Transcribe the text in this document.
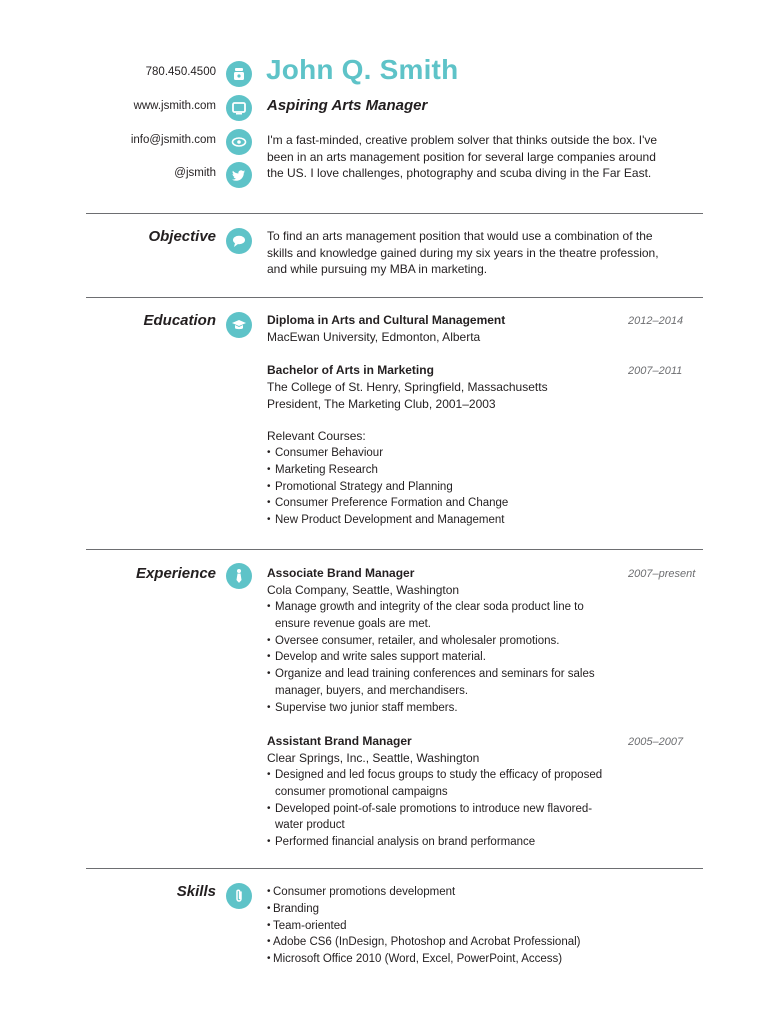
780.450.4500
www.jsmith.com
info@jsmith.com
@jsmith
John Q. Smith
Aspiring Arts Manager
I'm a fast-minded, creative problem solver that thinks outside the box. I've been in an arts management position for several large companies around the US. I love challenges, photography and scuba diving in the Far East.
Objective	To find an arts management position that would use a combination of the skills and knowledge gained during my six years in the theatre profession, and while pursuing my MBA in marketing.
Education	Diploma in Arts and Cultural Management	2012–2014
MacEwan University, Edmonton, Alberta
Bachelor of Arts in Marketing	2007–2011
The College of St. Henry, Springfield, Massachusetts
President, The Marketing Club, 2001–2003
Relevant Courses:
• Consumer Behaviour
• Marketing Research
• Promotional Strategy and Planning
• Consumer Preference Formation and Change
• New Product Development and Management
Experience	Associate Brand Manager	2007–present
Cola Company, Seattle, Washington
• Manage growth and integrity of the clear soda product line to ensure revenue goals are met.
• Oversee consumer, retailer, and wholesaler promotions.
• Develop and write sales support material.
• Organize and lead training conferences and seminars for sales manager, buyers, and merchandisers.
• Supervise two junior staff members.
Assistant Brand Manager	2005–2007
Clear Springs, Inc., Seattle, Washington
• Designed and led focus groups to study the efficacy of proposed consumer promotional campaigns
• Developed point-of-sale promotions to introduce new flavored-water product
• Performed financial analysis on brand performance
Skills
•	Consumer promotions development
• Branding
• Team-oriented
• Adobe CS6 (InDesign, Photoshop and Acrobat Professional)
• Microsoft Office 2010 (Word, Excel, PowerPoint, Access)
